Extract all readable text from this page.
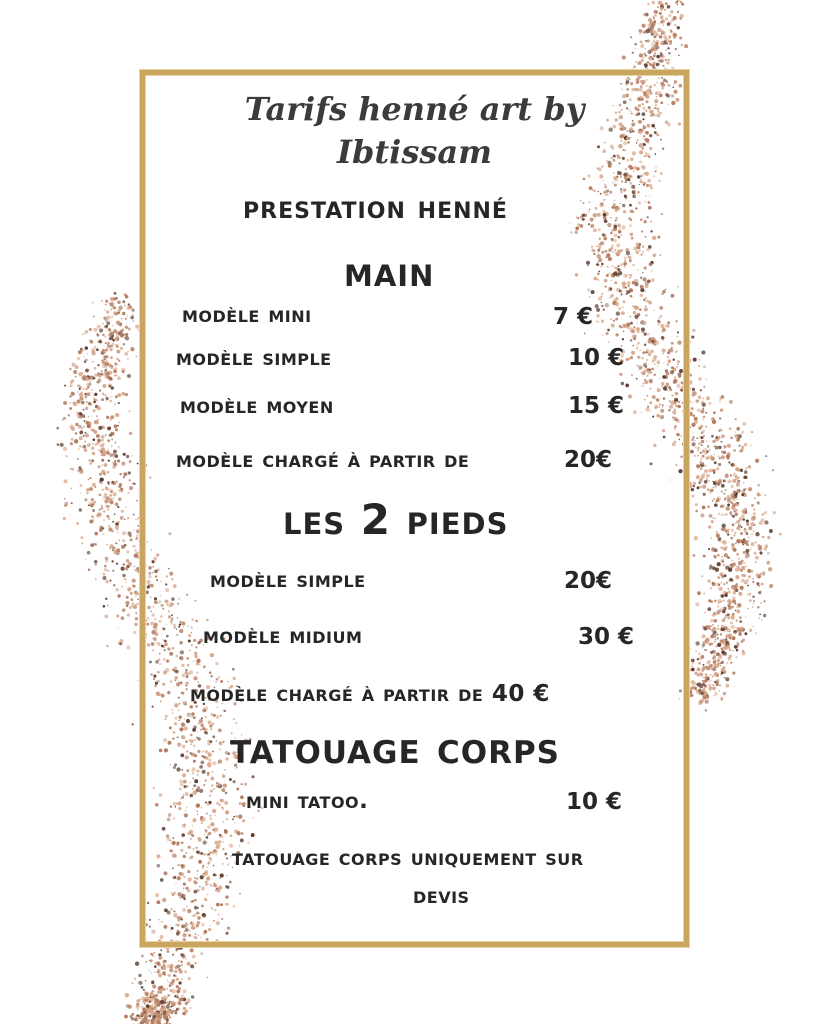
Tarifs henné art by

Ibtissam

prestation henné

main

modèle mini	7 €

modèle simple	10 €

modèle moyen	15 €

modèle chargé à partir de	20€

les 2 pieds

modèle simple	20€

modèle midium	30 €

modèle chargé à partir de 40 €

tatouage corps

mini tatoo.	10 €

tatouage corps uniquement sur

devis
